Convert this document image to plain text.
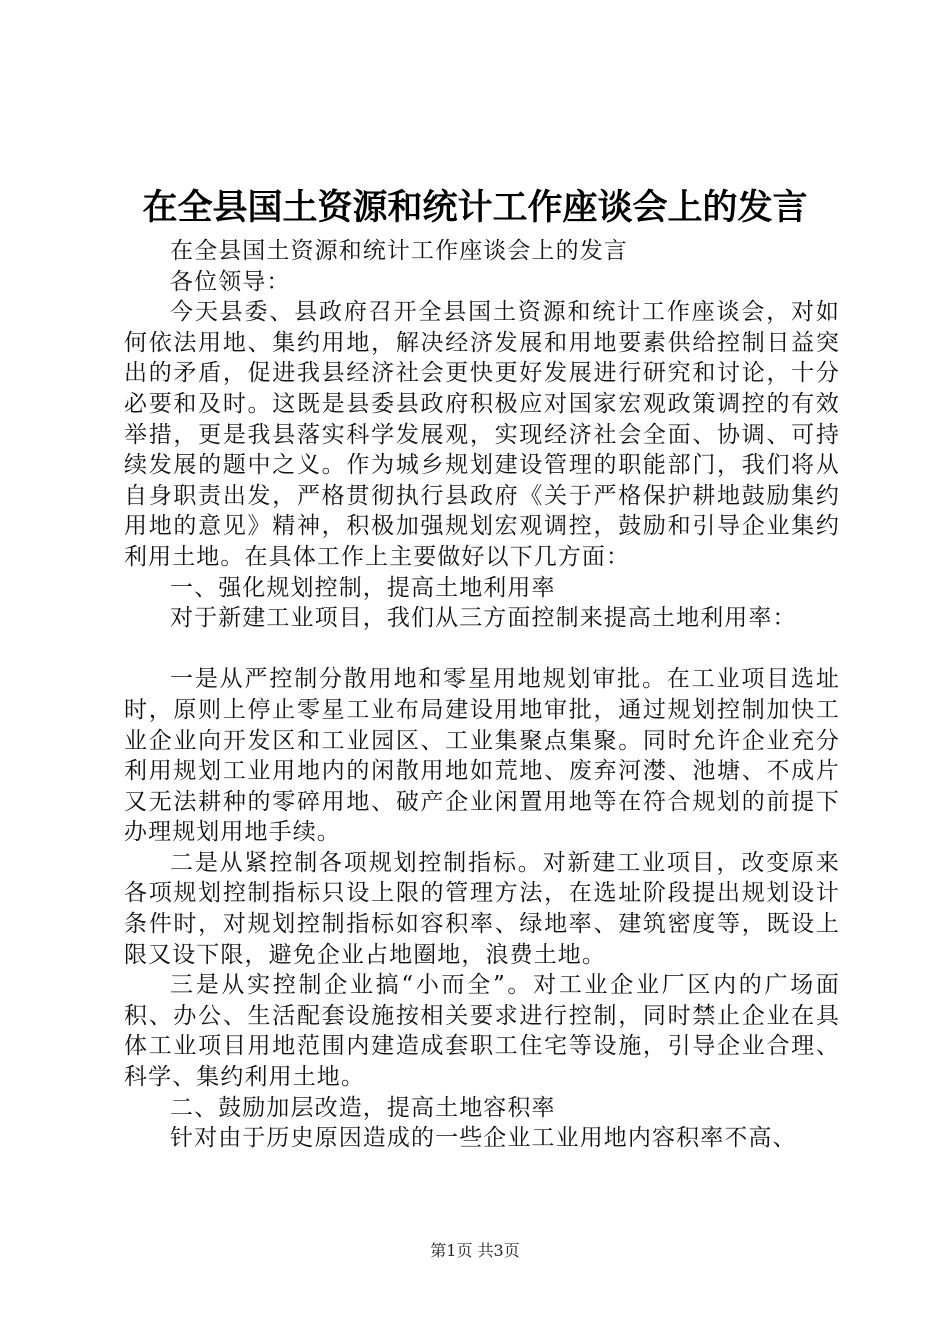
在全县国土资源和统计工作座谈会上的发言

在全县国土资源和统计工作座谈会上的发言

各位领导：

今天县委、县政府召开全县国土资源和统计工作座谈会，对如何依法用地、集约用地，解决经济发展和用地要素供给控制日益突出的矛盾，促进我县经济社会更快更好发展进行研究和讨论，十分必要和及时。这既是县委县政府积极应对国家宏观政策调控的有效举措，更是我县落实科学发展观，实现经济社会全面、协调、可持续发展的题中之义。作为城乡规划建设管理的职能部门，我们将从自身职责出发，严格贯彻执行县政府《关于严格保护耕地鼓励集约用地的意见》精神，积极加强规划宏观调控，鼓励和引导企业集约利用土地。在具体工作上主要做好以下几方面：

一、强化规划控制，提高土地利用率

对于新建工业项目，我们从三方面控制来提高土地利用率：

一是从严控制分散用地和零星用地规划审批。在工业项目选址时，原则上停止零星工业布局建设用地审批，通过规划控制加快工业企业向开发区和工业园区、工业集聚点集聚。同时允许企业充分利用规划工业用地内的闲散用地如荒地、废弃河漤、池塘、不成片又无法耕种的零碎用地、破产企业闲置用地等在符合规划的前提下办理规划用地手续。

二是从紧控制各项规划控制指标。对新建工业项目，改变原来各项规划控制指标只设上限的管理方法，在选址阶段提出规划设计条件时，对规划控制指标如容积率、绿地率、建筑密度等，既设上限又设下限，避免企业占地圈地，浪费土地。

三是从实控制企业搞“小而全”。对工业企业厂区内的广场面积、办公、生活配套设施按相关要求进行控制，同时禁止企业在具体工业项目用地范围内建造成套职工住宅等设施，引导企业合理、科学、集约利用土地。

二、鼓励加层改造，提高土地容积率

针对由于历史原因造成的一些企业工业用地内容积率不高、

第1页 共3页
